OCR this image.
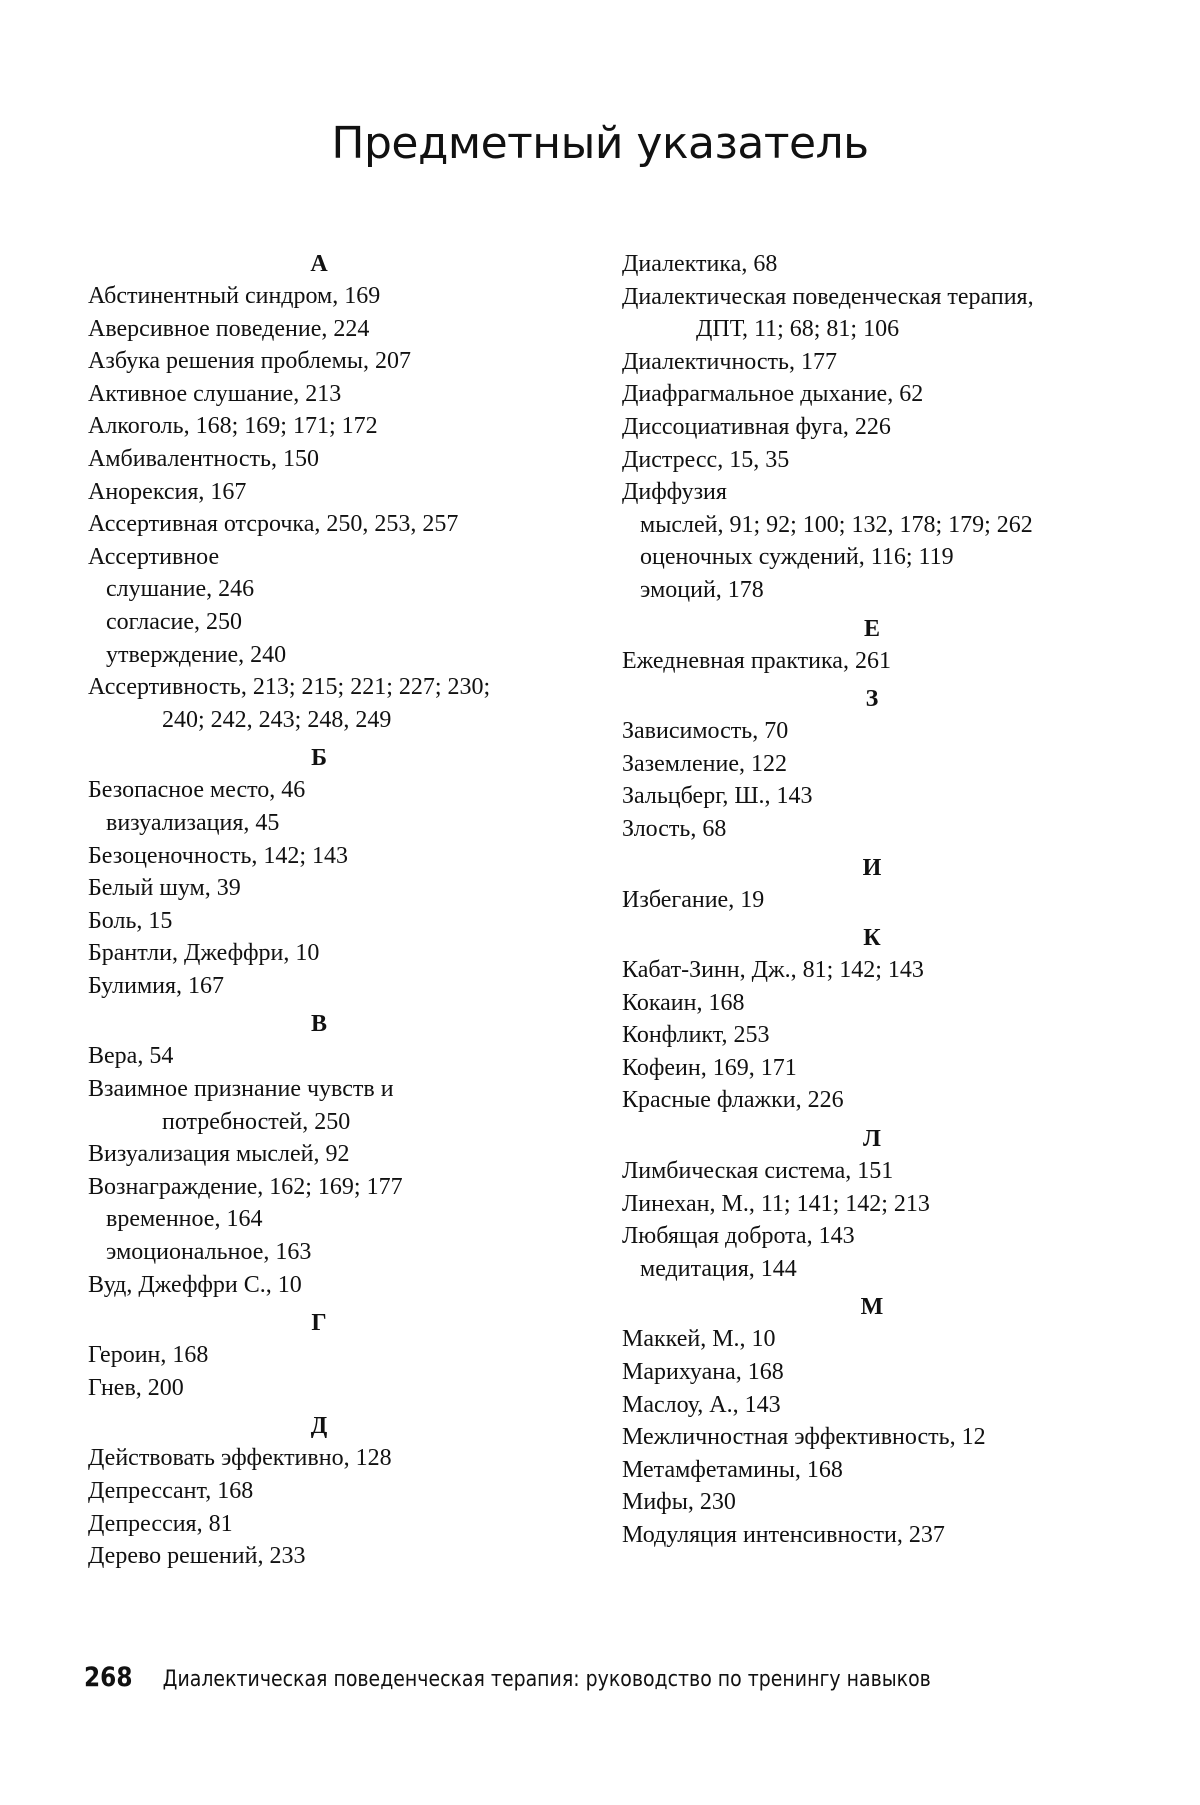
Предметный указатель
А
Абстинентный синдром, 169
Аверсивное поведение, 224
Азбука решения проблемы, 207
Активное слушание, 213
Алкоголь, 168; 169; 171; 172
Амбивалентность, 150
Анорексия, 167
Ассертивная отсрочка, 250, 253, 257
Ассертивное
слушание, 246
согласие, 250
утверждение, 240
Ассертивность, 213; 215; 221; 227; 230;
240; 242, 243; 248, 249
Б
Безопасное место, 46
визуализация, 45
Безоценочность, 142; 143
Белый шум, 39
Боль, 15
Брантли, Джеффри, 10
Булимия, 167
В
Вера, 54
Взаимное признание чувств и
потребностей, 250
Визуализация мыслей, 92
Вознаграждение, 162; 169; 177
временное, 164
эмоциональное, 163
Вуд, Джеффри С., 10
Г
Героин, 168
Гнев, 200
Д
Действовать эффективно, 128
Депрессант, 168
Депрессия, 81
Дерево решений, 233
Диалектика, 68
Диалектическая поведенческая терапия,
ДПТ, 11; 68; 81; 106
Диалектичность, 177
Диафрагмальное дыхание, 62
Диссоциативная фуга, 226
Дистресс, 15, 35
Диффузия
мыслей, 91; 92; 100; 132, 178; 179; 262
оценочных суждений, 116; 119
эмоций, 178
Е
Ежедневная практика, 261
З
Зависимость, 70
Заземление, 122
Зальцберг, Ш., 143
Злость, 68
И
Избегание, 19
К
Кабат-Зинн, Дж., 81; 142; 143
Кокаин, 168
Конфликт, 253
Кофеин, 169, 171
Красные флажки, 226
Л
Лимбическая система, 151
Линехан, М., 11; 141; 142; 213
Любящая доброта, 143
медитация, 144
М
Маккей, М., 10
Марихуана, 168
Маслоу, А., 143
Межличностная эффективность, 12
Метамфетамины, 168
Мифы, 230
Модуляция интенсивности, 237
268 Диалектическая поведенческая терапия: руководство по тренингу навыков
